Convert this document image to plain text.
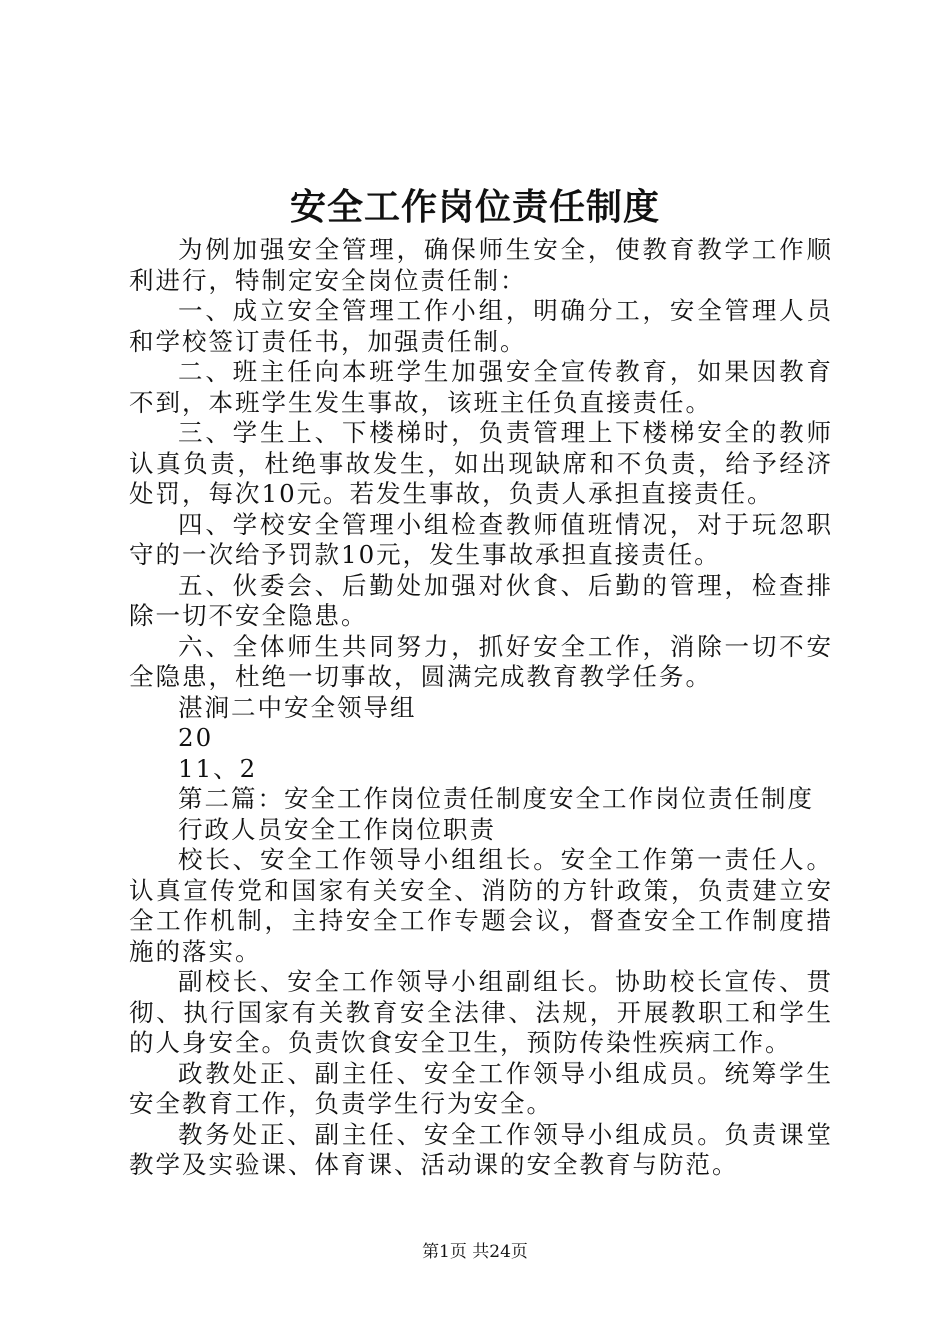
安全工作岗位责任制度

为例加强安全管理，确保师生安全，使教育教学工作顺利进行，特制定安全岗位责任制：

一、成立安全管理工作小组，明确分工，安全管理人员和学校签订责任书，加强责任制。

二、班主任向本班学生加强安全宣传教育，如果因教育不到，本班学生发生事故，该班主任负直接责任。

三、学生上、下楼梯时，负责管理上下楼梯安全的教师认真负责，杜绝事故发生，如出现缺席和不负责，给予经济处罚，每次10元。若发生事故，负责人承担直接责任。

四、学校安全管理小组检查教师值班情况，对于玩忽职守的一次给予罚款10元，发生事故承担直接责任。

五、伙委会、后勤处加强对伙食、后勤的管理，检查排除一切不安全隐患。

六、全体师生共同努力，抓好安全工作，消除一切不安全隐患，杜绝一切事故，圆满完成教育教学任务。

湛涧二中安全领导组

20

11、2

第二篇：安全工作岗位责任制度安全工作岗位责任制度

行政人员安全工作岗位职责

校长、安全工作领导小组组长。安全工作第一责任人。认真宣传党和国家有关安全、消防的方针政策，负责建立安全工作机制，主持安全工作专题会议，督查安全工作制度措施的落实。

副校长、安全工作领导小组副组长。协助校长宣传、贯彻、执行国家有关教育安全法律、法规，开展教职工和学生的人身安全。负责饮食安全卫生，预防传染性疾病工作。

政教处正、副主任、安全工作领导小组成员。统筹学生安全教育工作，负责学生行为安全。

教务处正、副主任、安全工作领导小组成员。负责课堂教学及实验课、体育课、活动课的安全教育与防范。

第1页 共24页
